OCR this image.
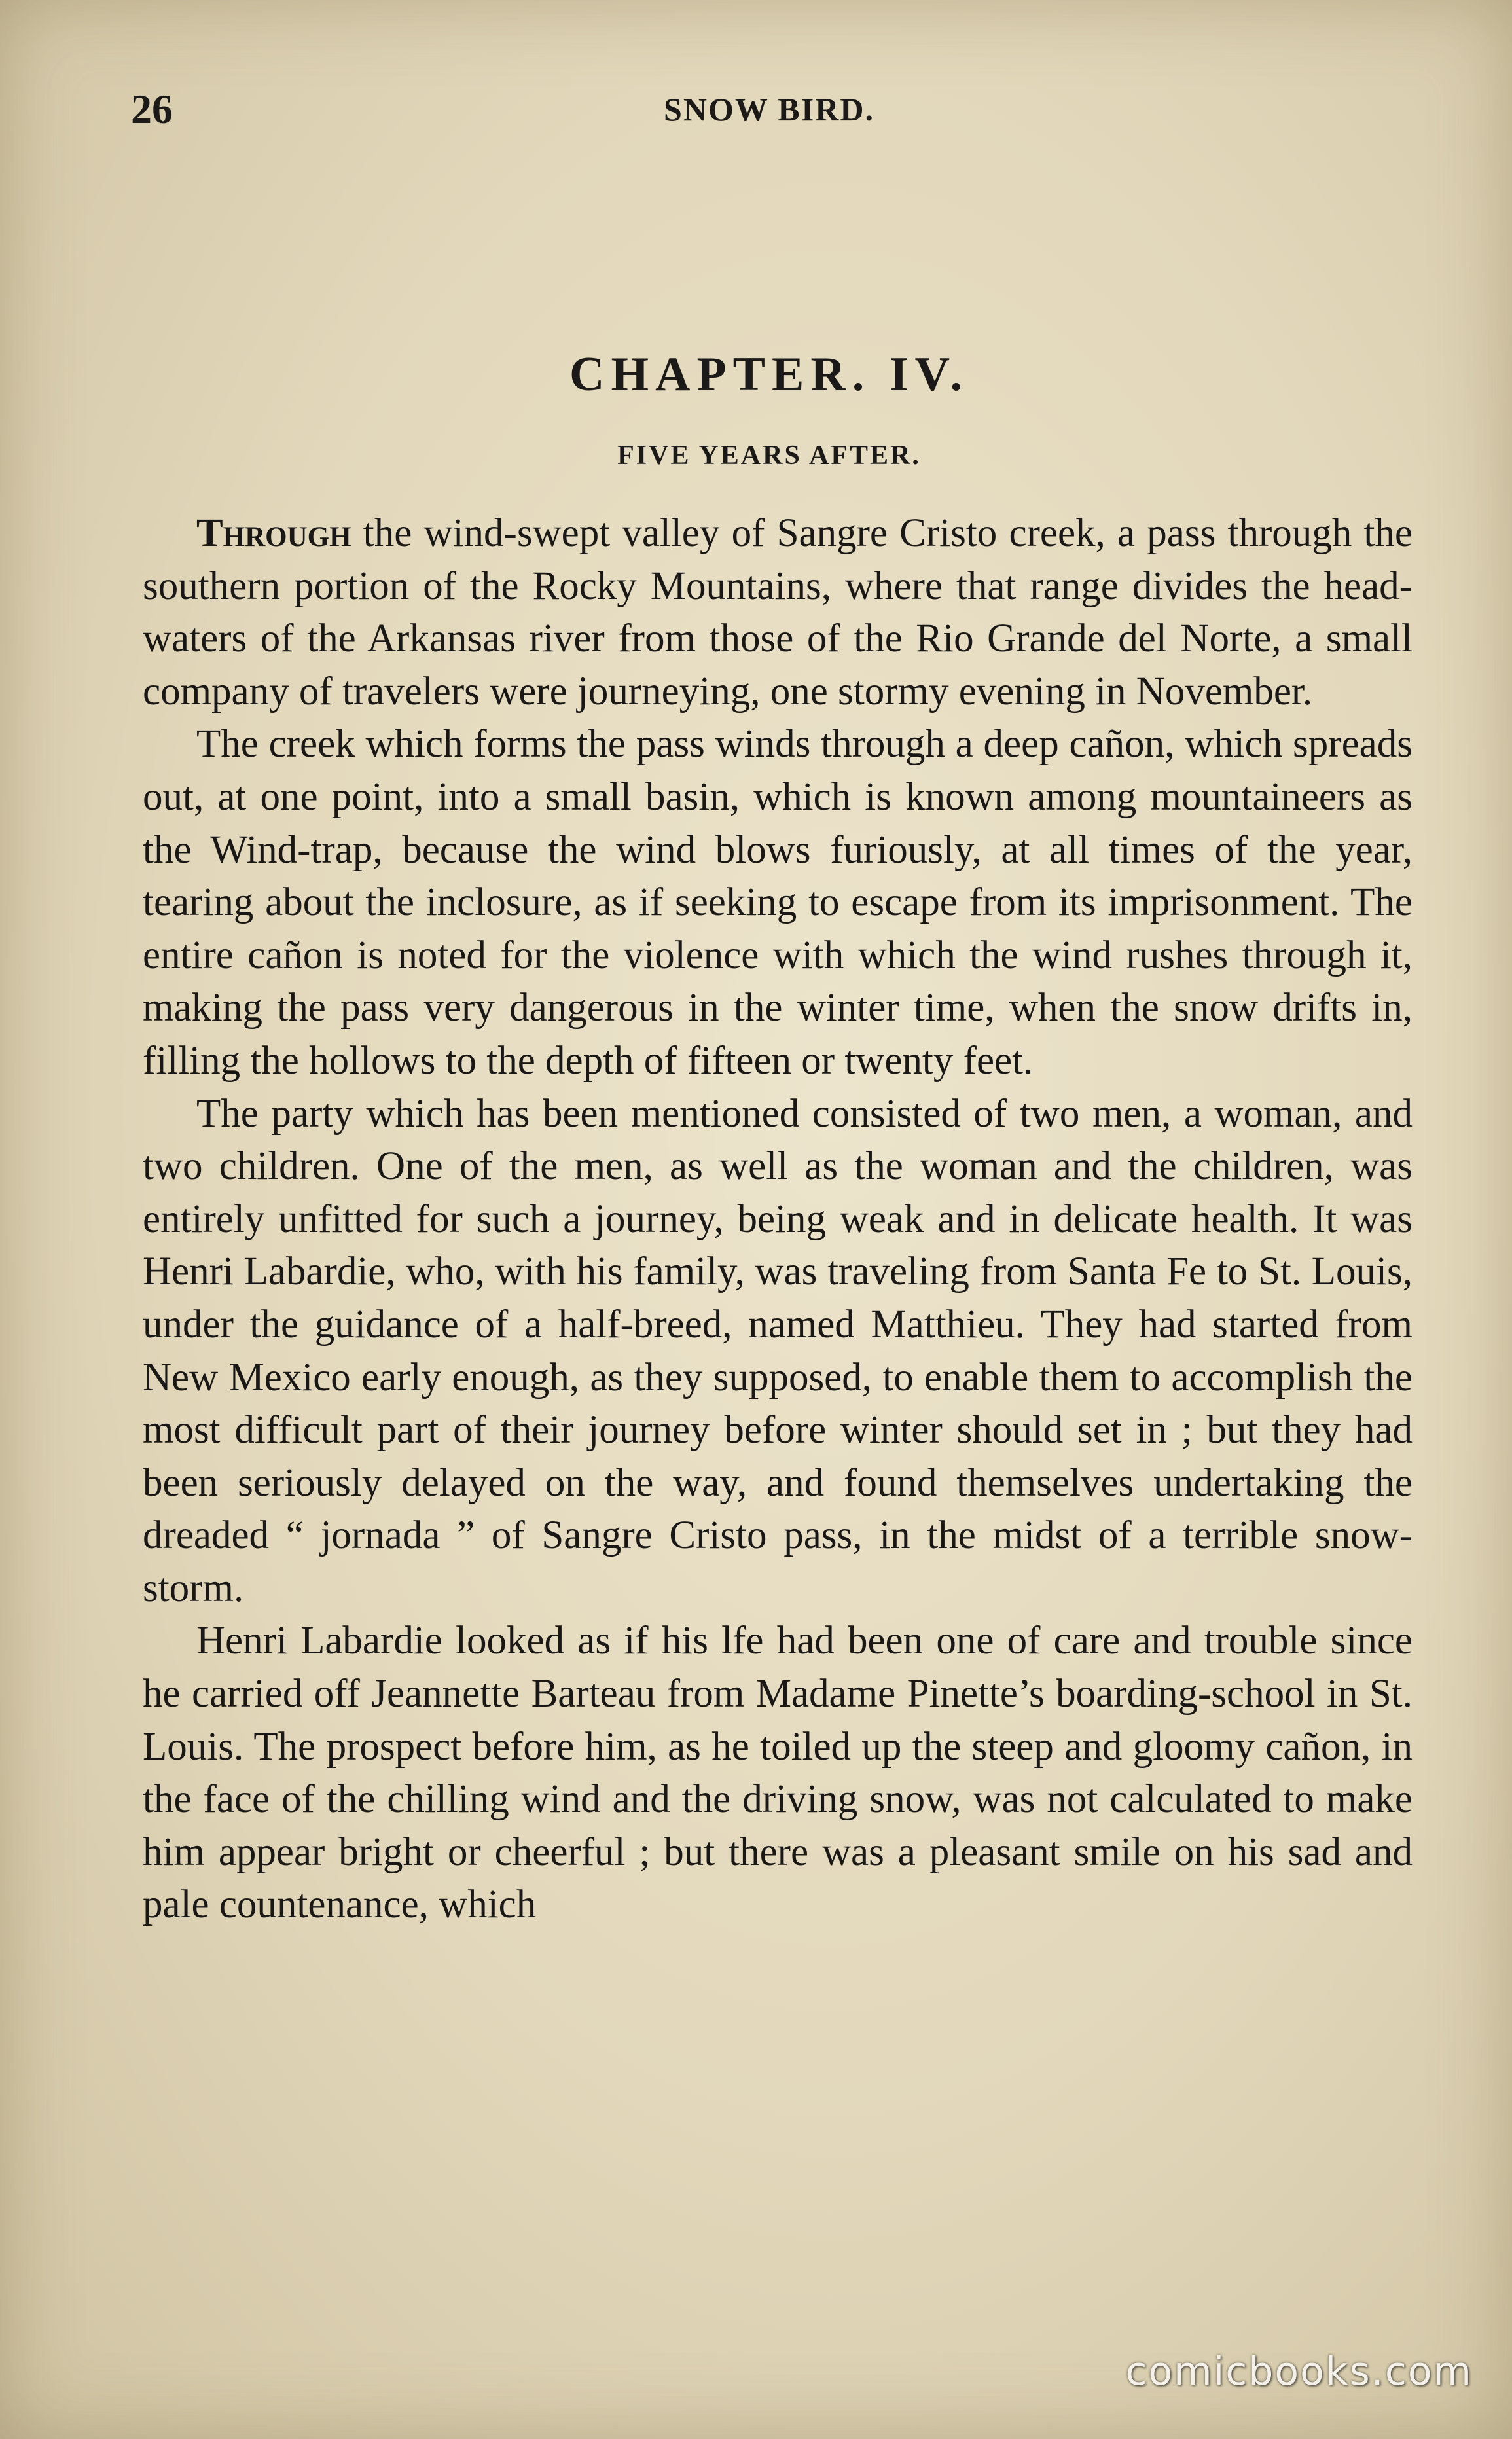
26	SNOW BIRD.
CHAPTER. IV.
FIVE YEARS AFTER.

Through the wind-swept valley of Sangre Cristo creek, a pass through the southern portion of the Rocky Mountains, where that range divides the head-waters of the Arkansas river from those of the Rio Grande del Norte, a small company of travelers were journeying, one stormy evening in November.

The creek which forms the pass winds through a deep cañon, which spreads out, at one point, into a small basin, which is known among mountaineers as the Wind-trap, because the wind blows furiously, at all times of the year, tearing about the inclosure, as if seeking to escape from its imprisonment. The entire cañon is noted for the violence with which the wind rushes through it, making the pass very dangerous in the winter time, when the snow drifts in, filling the hollows to the depth of fifteen or twenty feet.

The party which has been mentioned consisted of two men, a woman, and two children. One of the men, as well as the woman and the children, was entirely unfitted for such a journey, being weak and in delicate health. It was Henri Labardie, who, with his family, was traveling from Santa Fe to St. Louis, under the guidance of a half-breed, named Matthieu. They had started from New Mexico early enough, as they supposed, to enable them to accomplish the most difficult part of their journey before winter should set in ; but they had been seriously delayed on the way, and found themselves undertaking the dreaded “ jornada ” of Sangre Cristo pass, in the midst of a terrible snow-storm.

Henri Labardie looked as if his lfe had been one of care and trouble since he carried off Jeannette Barteau from Madame Pinette’s boarding-school in St. Louis. The prospect before him, as he toiled up the steep and gloomy cañon, in the face of the chilling wind and the driving snow, was not calculated to make him appear bright or cheerful ; but there was a pleasant smile on his sad and pale countenance, which

comicbooks.com
